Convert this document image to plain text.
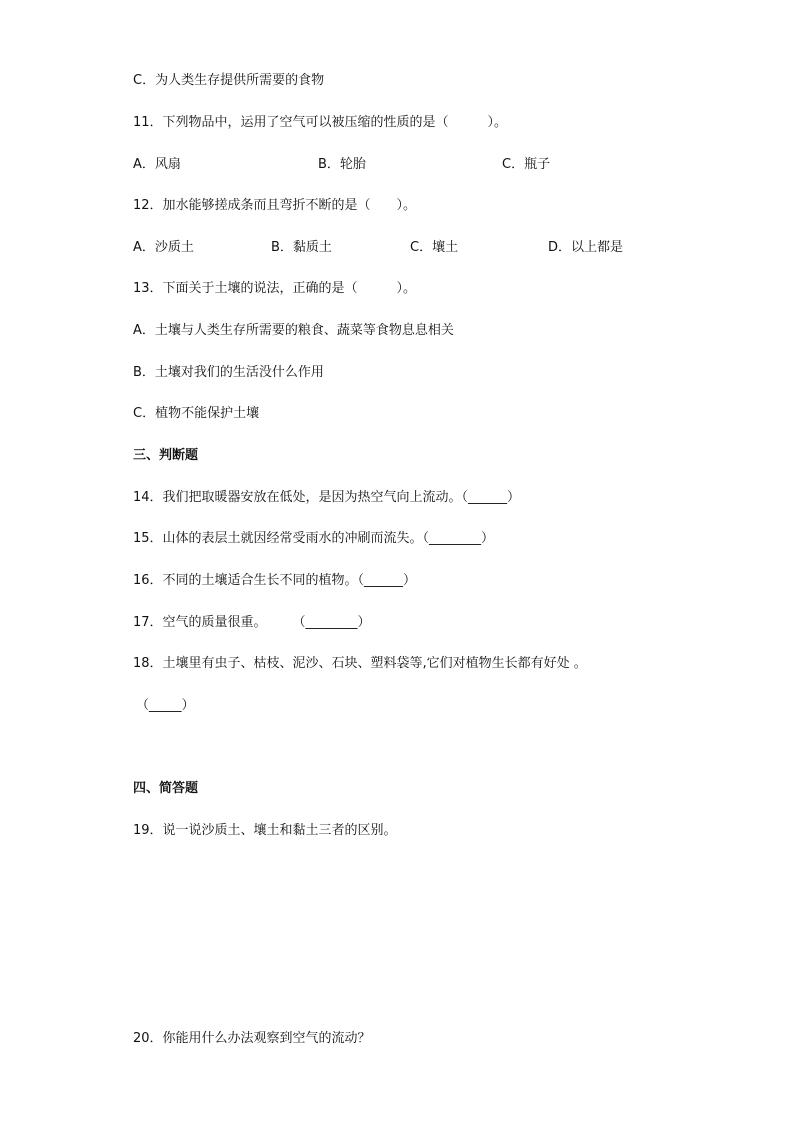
C．为人类生存提供所需要的食物
11．下列物品中，运用了空气可以被压缩的性质的是（　　　）。
A．风扇	B．轮胎	C．瓶子
12．加水能够搓成条而且弯折不断的是（　　）。
A．沙质土	B．黏质土	C．壤土	D．以上都是
13．下面关于土壤的说法，正确的是（　　　）。
A．土壤与人类生存所需要的粮食、蔬菜等食物息息相关
B．土壤对我们的生活没什么作用
C．植物不能保护土壤
三、判断题
14．我们把取暖器安放在低处，是因为热空气向上流动。（______）
15．山体的表层土就因经常受雨水的冲刷而流失。（________）
16．不同的土壤适合生长不同的植物。（______）
17．空气的质量很重。　　　（________）
18．土壤里有虫子、枯枝、泥沙、石块、塑料袋等,它们对植物生长都有好处 。
（_____）
四、简答题
19．说一说沙质土、壤土和黏土三者的区别。
20．你能用什么办法观察到空气的流动？
